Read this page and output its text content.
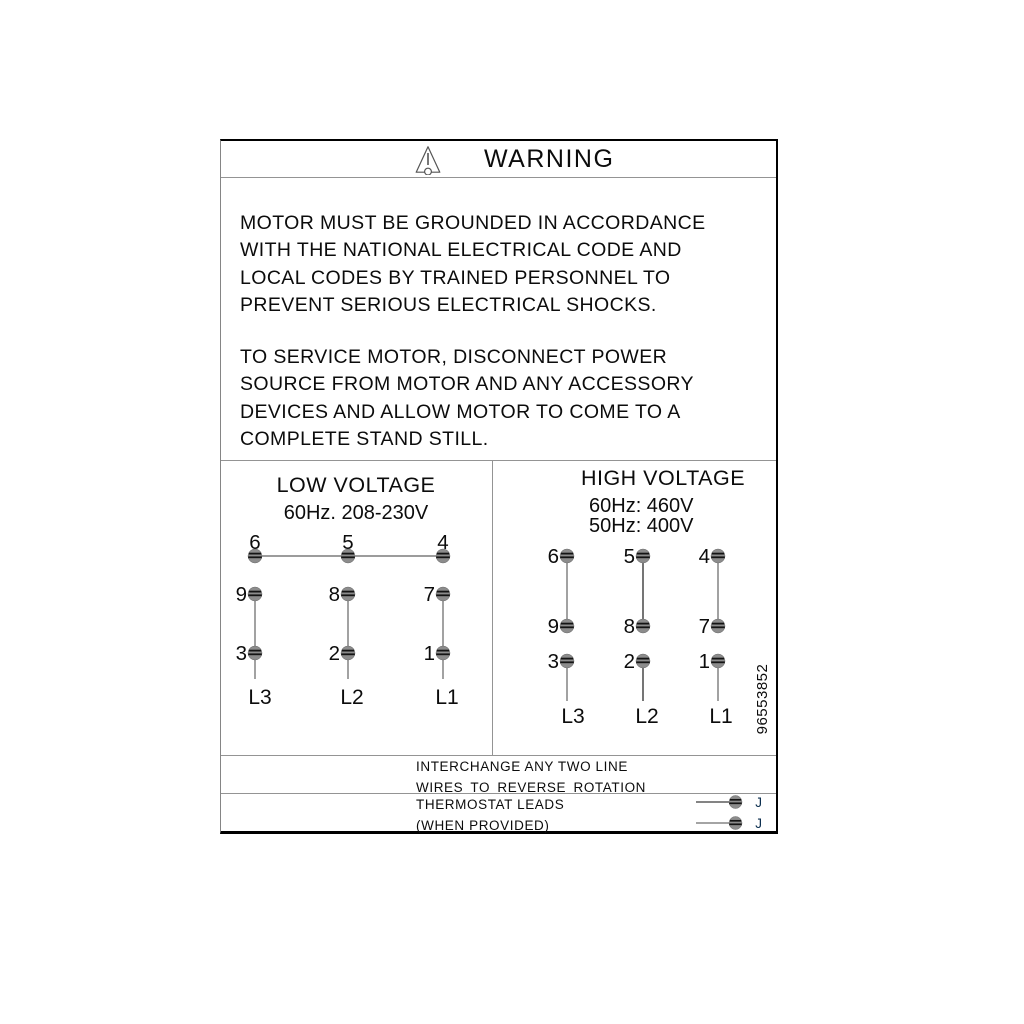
WARNING
MOTOR MUST BE GROUNDED IN ACCORDANCE
WITH THE NATIONAL ELECTRICAL CODE AND
LOCAL CODES BY TRAINED PERSONNEL TO
PREVENT SERIOUS ELECTRICAL SHOCKS.
TO SERVICE MOTOR, DISCONNECT POWER
SOURCE FROM MOTOR AND ANY ACCESSORY
DEVICES AND ALLOW MOTOR TO COME TO A
COMPLETE STAND STILL.
LOW VOLTAGE
60Hz. 208-230V
6	5	4
9	8	7
3	2	1
L3	L2	L1
HIGH VOLTAGE
60Hz: 460V
50Hz: 400V
6	5	4
9	8	7
3	2	1
L3 L2 L1 96553852
INTERCHANGE ANY TWO LINE
WIRES TO REVERSE ROTATION
THERMOSTAT LEADS
(WHEN PROVIDED)
J
J
